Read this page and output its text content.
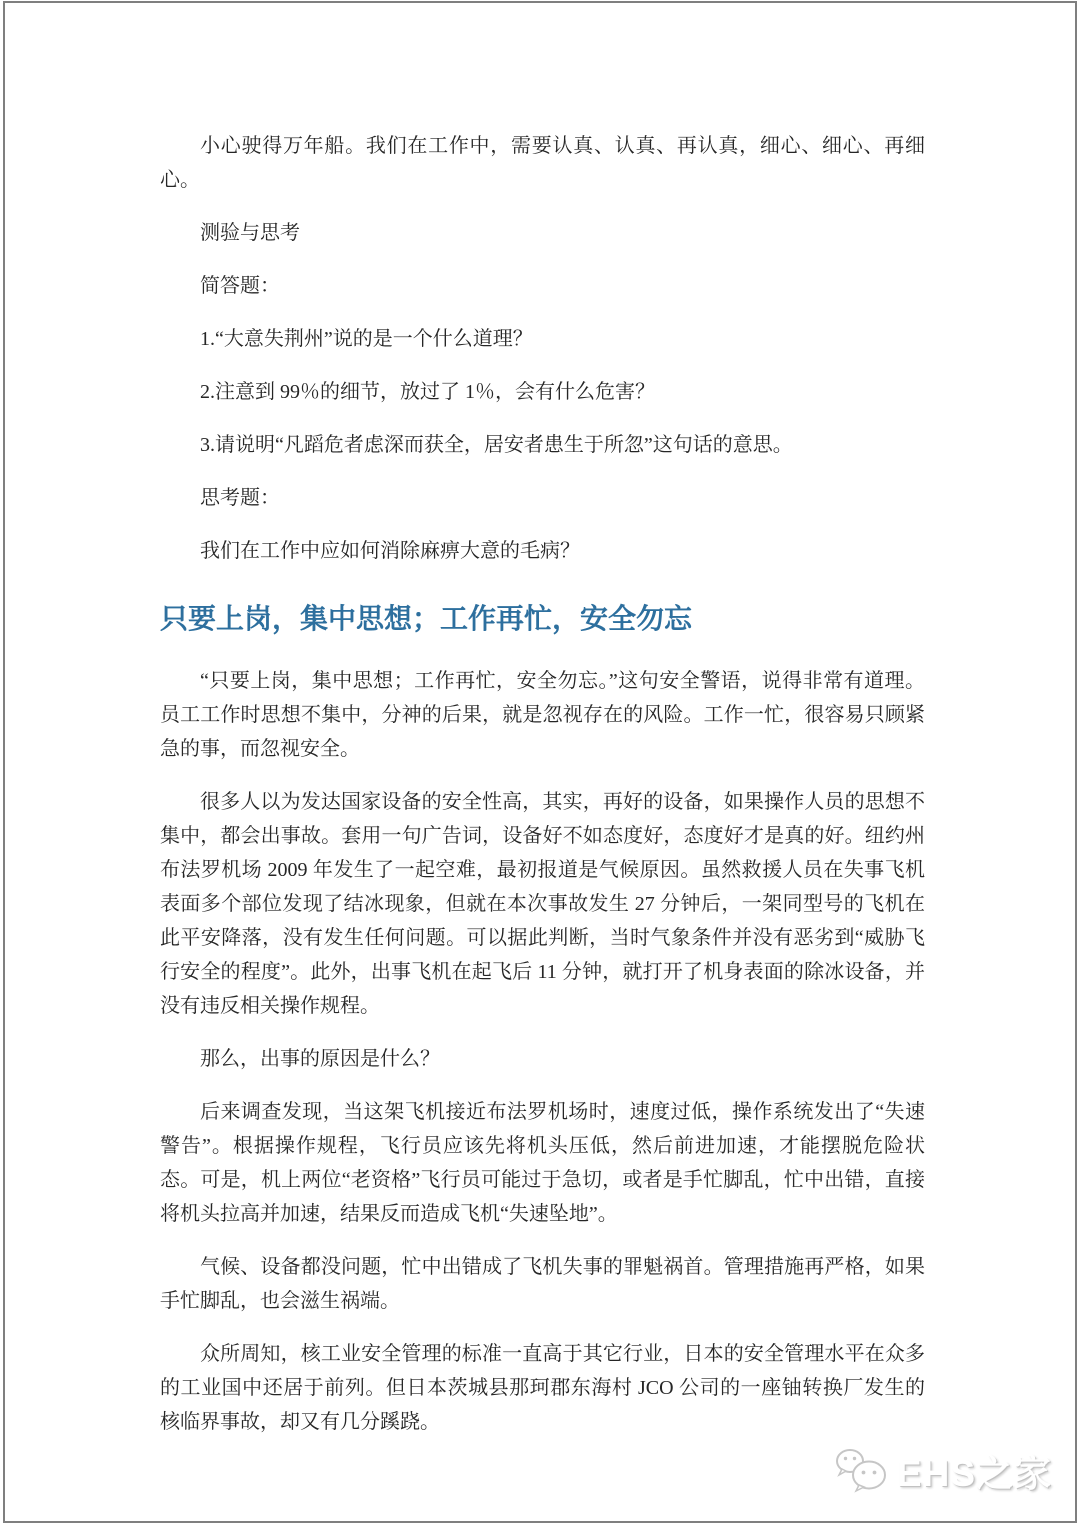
小心驶得万年船。我们在工作中，需要认真、认真、再认真，细心、细心、再细心。

测验与思考

简答题：

1.“大意失荆州”说的是一个什么道理？

2.注意到 99％的细节，放过了 1％，会有什么危害？

3.请说明“凡蹈危者虑深而获全，居安者患生于所忽”这句话的意思。

思考题：

我们在工作中应如何消除麻痹大意的毛病？

只要上岗，集中思想；工作再忙，安全勿忘

“只要上岗，集中思想；工作再忙，安全勿忘。”这句安全警语，说得非常有道理。员工工作时思想不集中，分神的后果，就是忽视存在的风险。工作一忙，很容易只顾紧急的事，而忽视安全。

很多人以为发达国家设备的安全性高，其实，再好的设备，如果操作人员的思想不集中，都会出事故。套用一句广告词，设备好不如态度好，态度好才是真的好。纽约州布法罗机场 2009 年发生了一起空难，最初报道是气候原因。虽然救援人员在失事飞机表面多个部位发现了结冰现象，但就在本次事故发生 27 分钟后，一架同型号的飞机在此平安降落，没有发生任何问题。可以据此判断，当时气象条件并没有恶劣到“威胁飞行安全的程度”。此外，出事飞机在起飞后 11 分钟，就打开了机身表面的除冰设备，并没有违反相关操作规程。

那么，出事的原因是什么？

后来调查发现，当这架飞机接近布法罗机场时，速度过低，操作系统发出了“失速警告”。根据操作规程，飞行员应该先将机头压低，然后前进加速，才能摆脱危险状态。可是，机上两位“老资格”飞行员可能过于急切，或者是手忙脚乱，忙中出错，直接将机头拉高并加速，结果反而造成飞机“失速坠地”。

气候、设备都没问题，忙中出错成了飞机失事的罪魁祸首。管理措施再严格，如果手忙脚乱，也会滋生祸端。

众所周知，核工业安全管理的标准一直高于其它行业，日本的安全管理水平在众多的工业国中还居于前列。但日本茨城县那珂郡东海村 JCO 公司的一座铀转换厂发生的核临界事故，却又有几分蹊跷。

EHS之家
